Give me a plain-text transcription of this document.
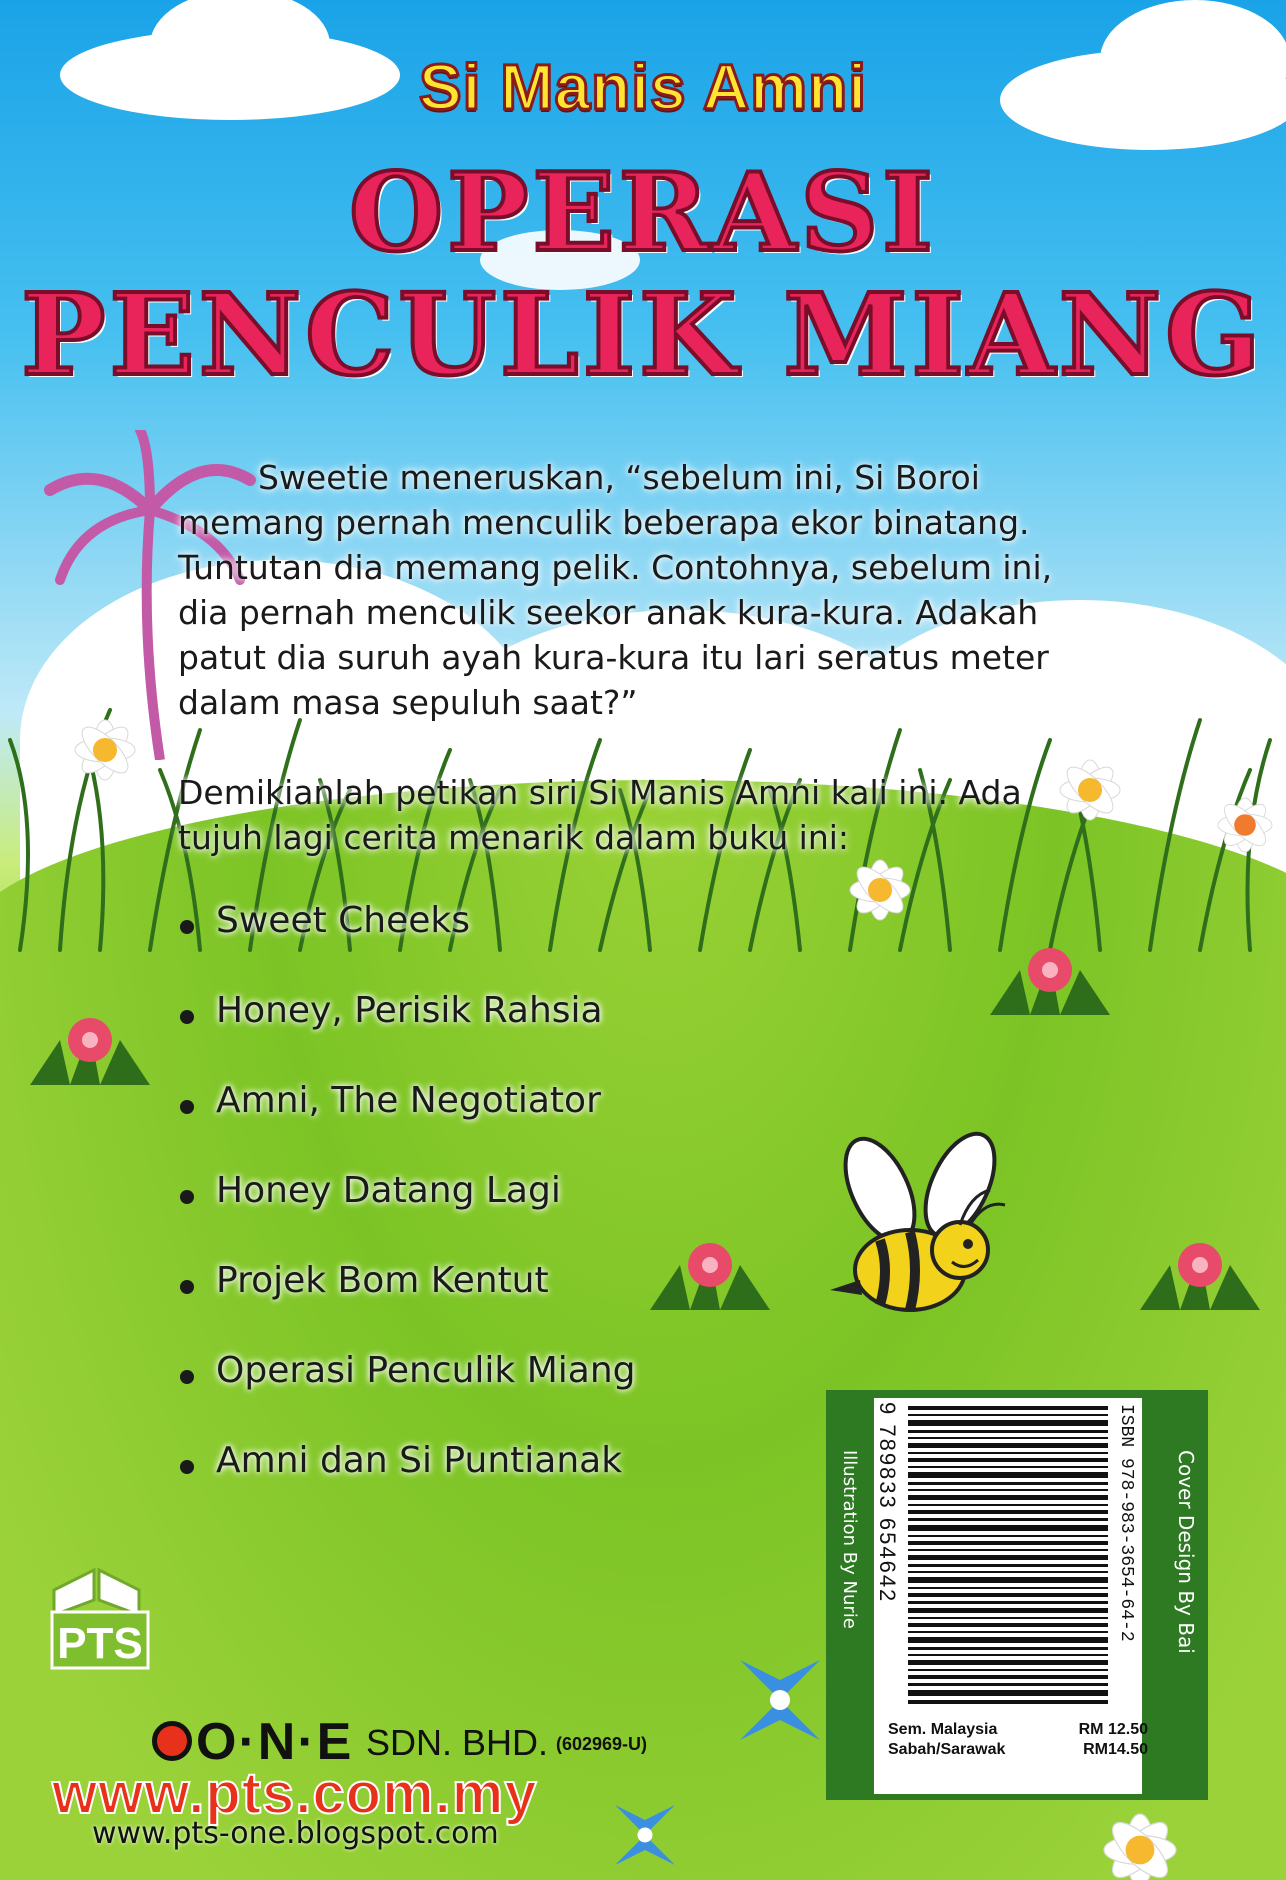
Si Manis Amni
OPERASI
PENCULIK MIANG

Sweetie meneruskan, “sebelum ini, Si Boroi memang pernah menculik beberapa ekor binatang. Tuntutan dia memang pelik. Contohnya, sebelum ini, dia pernah menculik seekor anak kura-kura. Adakah patut dia suruh ayah kura-kura itu lari seratus meter dalam masa sepuluh saat?”

Demikianlah petikan siri Si Manis Amni kali ini. Ada tujuh lagi cerita menarik dalam buku ini:

Sweet Cheeks
Honey, Perisik Rahsia
Amni, The Negotiator
Honey Datang Lagi
Projek Bom Kentut
Operasi Penculik Miang
Amni dan Si Puntianak	Illustration By Nurie	Cover Design By Bai
ISBN 978-983-3654-64-2
9 789833 654642
Sem. Malaysia	RM 12.50
Sabah/Sarawak	RM14.50
PTS
O·N·E SDN. BHD. (602969-U)
www.pts.com.my
www.pts-one.blogspot.com
